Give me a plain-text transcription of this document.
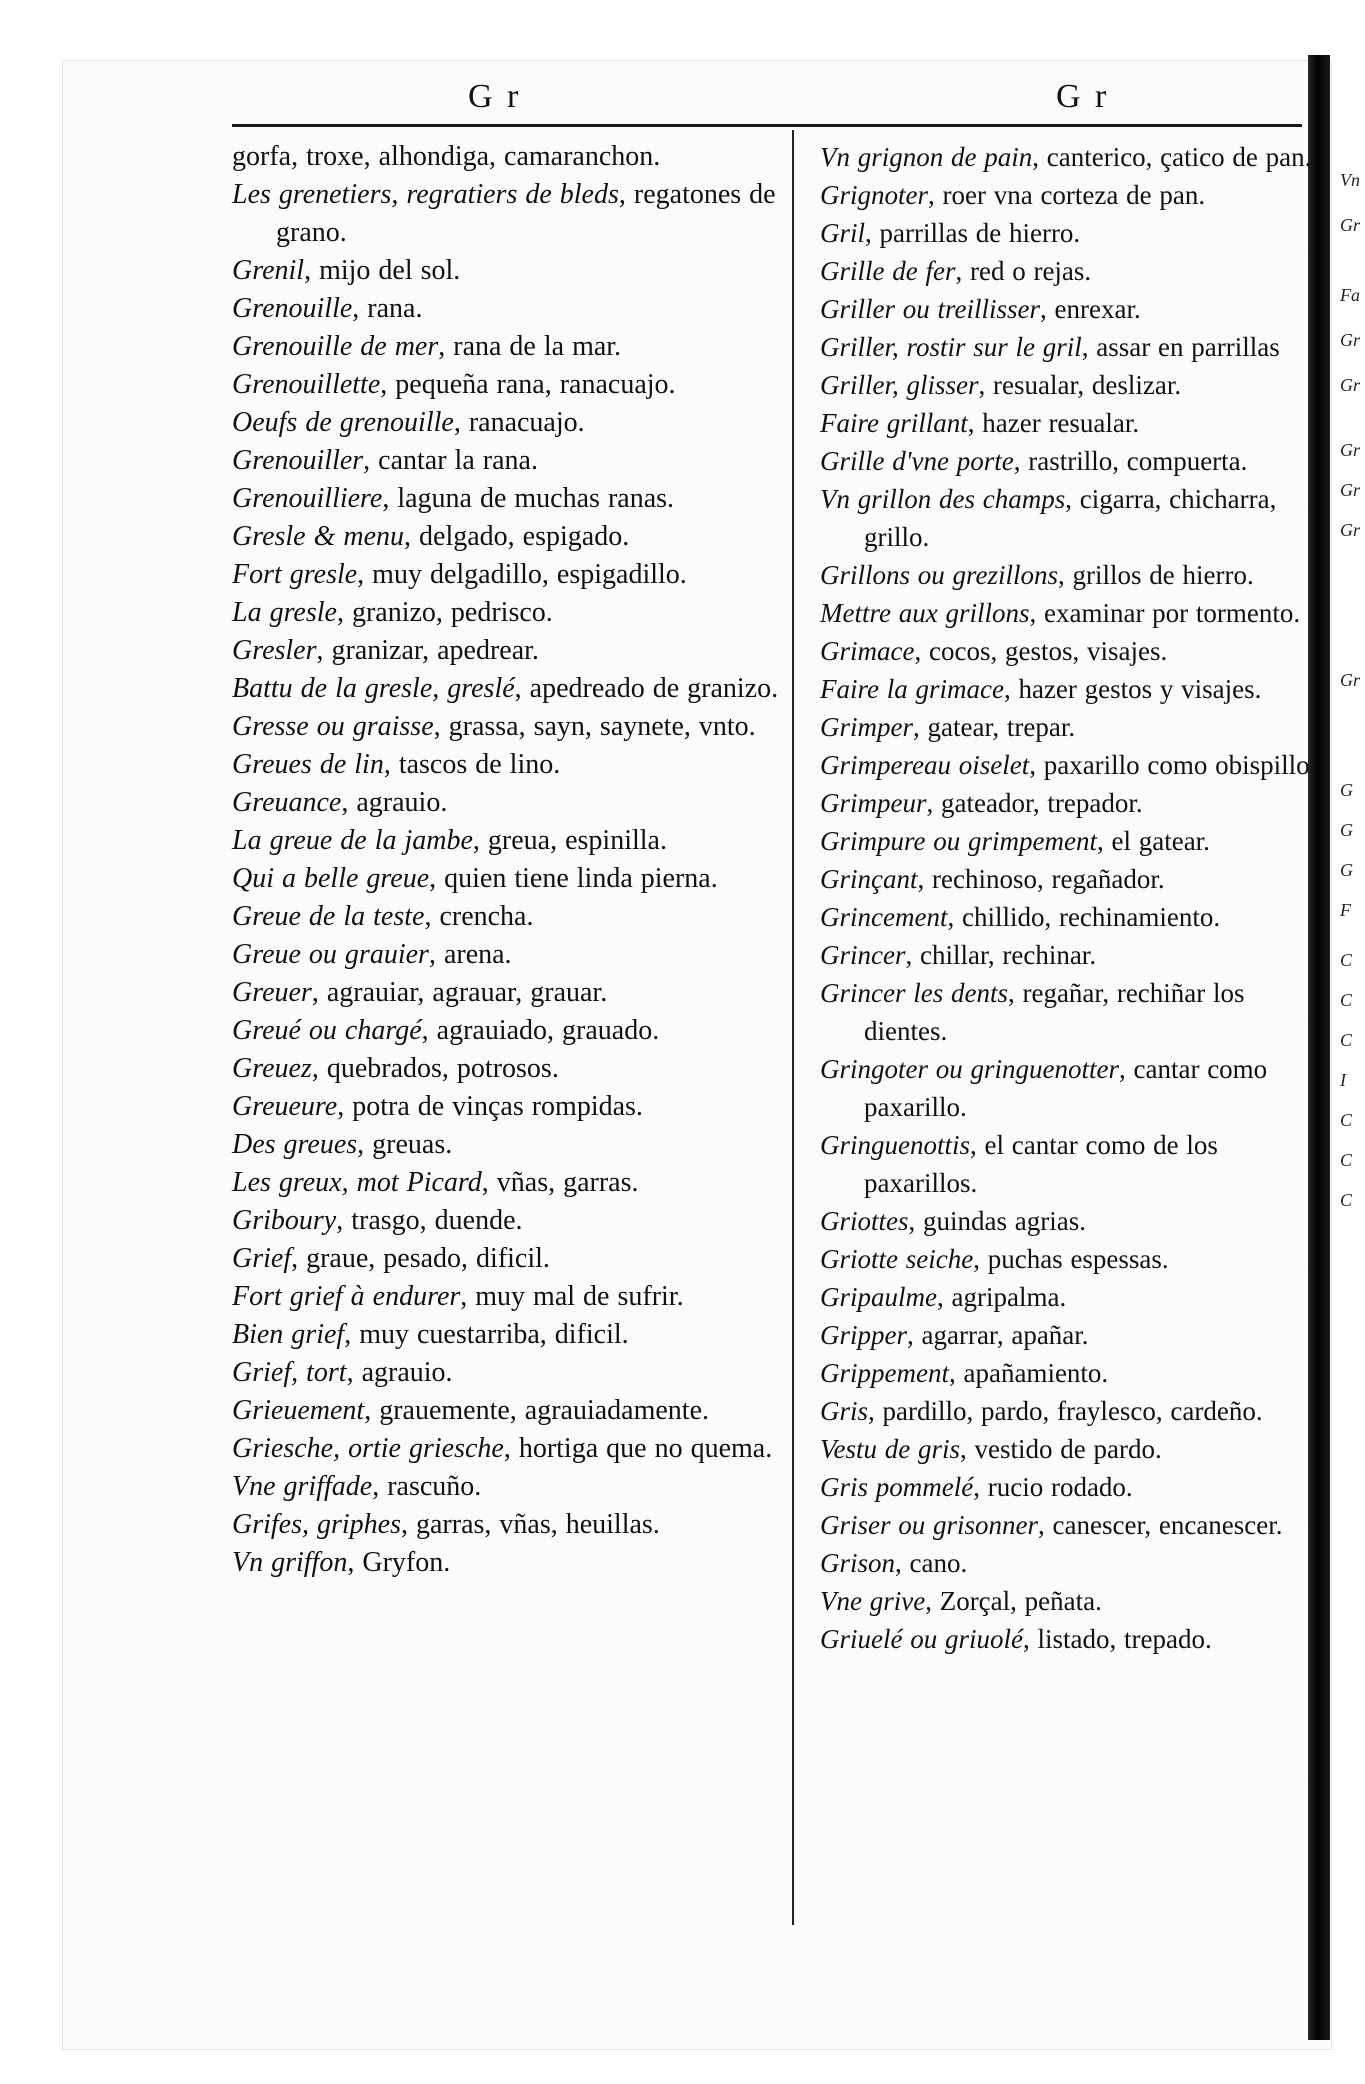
Vn
Gr
Fa
Gr
Gr
Gr
Gr
Gr
Gr
G
G
G
F
C
C
C
I
C
C
C
G r	G r

gorfa, troxe, alhondiga, camaranchon.

Les grenetiers, regratiers de bleds, regatones de grano.

Grenil, mijo del sol.

Grenouille, rana.

Grenouille de mer, rana de la mar.

Grenouillette, pequeña rana, ranacuajo.

Oeufs de grenouille, ranacuajo.

Grenouiller, cantar la rana.

Grenouilliere, laguna de muchas ranas.

Gresle & menu, delgado, espigado.

Fort gresle, muy delgadillo, espigadillo.

La gresle, granizo, pedrisco.

Gresler, granizar, apedrear.

Battu de la gresle, greslé, apedreado de granizo.

Gresse ou graisse, grassa, sayn, saynete, vnto.

Greues de lin, tascos de lino.

Greuance, agrauio.

La greue de la jambe, greua, espinilla.

Qui a belle greue, quien tiene linda pierna.

Greue de la teste, crencha.

Greue ou grauier, arena.

Greuer, agrauiar, agrauar, grauar.

Greué ou chargé, agrauiado, grauado.

Greuez, quebrados, potrosos.

Greueure, potra de vinças rompidas.

Des greues, greuas.

Les greux, mot Picard, vñas, garras.

Griboury, trasgo, duende.

Grief, graue, pesado, dificil.

Fort grief à endurer, muy mal de sufrir.

Bien grief, muy cuestarriba, dificil.

Grief, tort, agrauio.

Grieuement, grauemente, agrauiadamente.

Griesche, ortie griesche, hortiga que no quema.

Vne griffade, rascuño.

Grifes, griphes, garras, vñas, heuillas.

Vn griffon, Gryfon.

Vn grignon de pain, canterico, çatico de pan.

Grignoter, roer vna corteza de pan.

Gril, parrillas de hierro.

Grille de fer, red o rejas.

Griller ou treillisser, enrexar.

Griller, rostir sur le gril, assar en parrillas

Griller, glisser, resualar, deslizar.

Faire grillant, hazer resualar.

Grille d'vne porte, rastrillo, compuerta.

Vn grillon des champs, cigarra, chicharra, grillo.

Grillons ou grezillons, grillos de hierro.

Mettre aux grillons, examinar por tormento.

Grimace, cocos, gestos, visajes.

Faire la grimace, hazer gestos y visajes.

Grimper, gatear, trepar.

Grimpereau oiselet, paxarillo como obispillo.

Grimpeur, gateador, trepador.

Grimpure ou grimpement, el gatear.

Grinçant, rechinoso, regañador.

Grincement, chillido, rechinamiento.

Grincer, chillar, rechinar.

Grincer les dents, regañar, rechiñar los dientes.

Gringoter ou gringuenotter, cantar como paxarillo.

Gringuenottis, el cantar como de los paxarillos.

Griottes, guindas agrias.

Griotte seiche, puchas espessas.

Gripaulme, agripalma.

Gripper, agarrar, apañar.

Grippement, apañamiento.

Gris, pardillo, pardo, fraylesco, cardeño.

Vestu de gris, vestido de pardo.

Gris pommelé, rucio rodado.

Griser ou grisonner, canescer, encanescer.

Grison, cano.

Vne grive, Zorçal, peñata.

Griuelé ou griuolé, listado, trepado.
